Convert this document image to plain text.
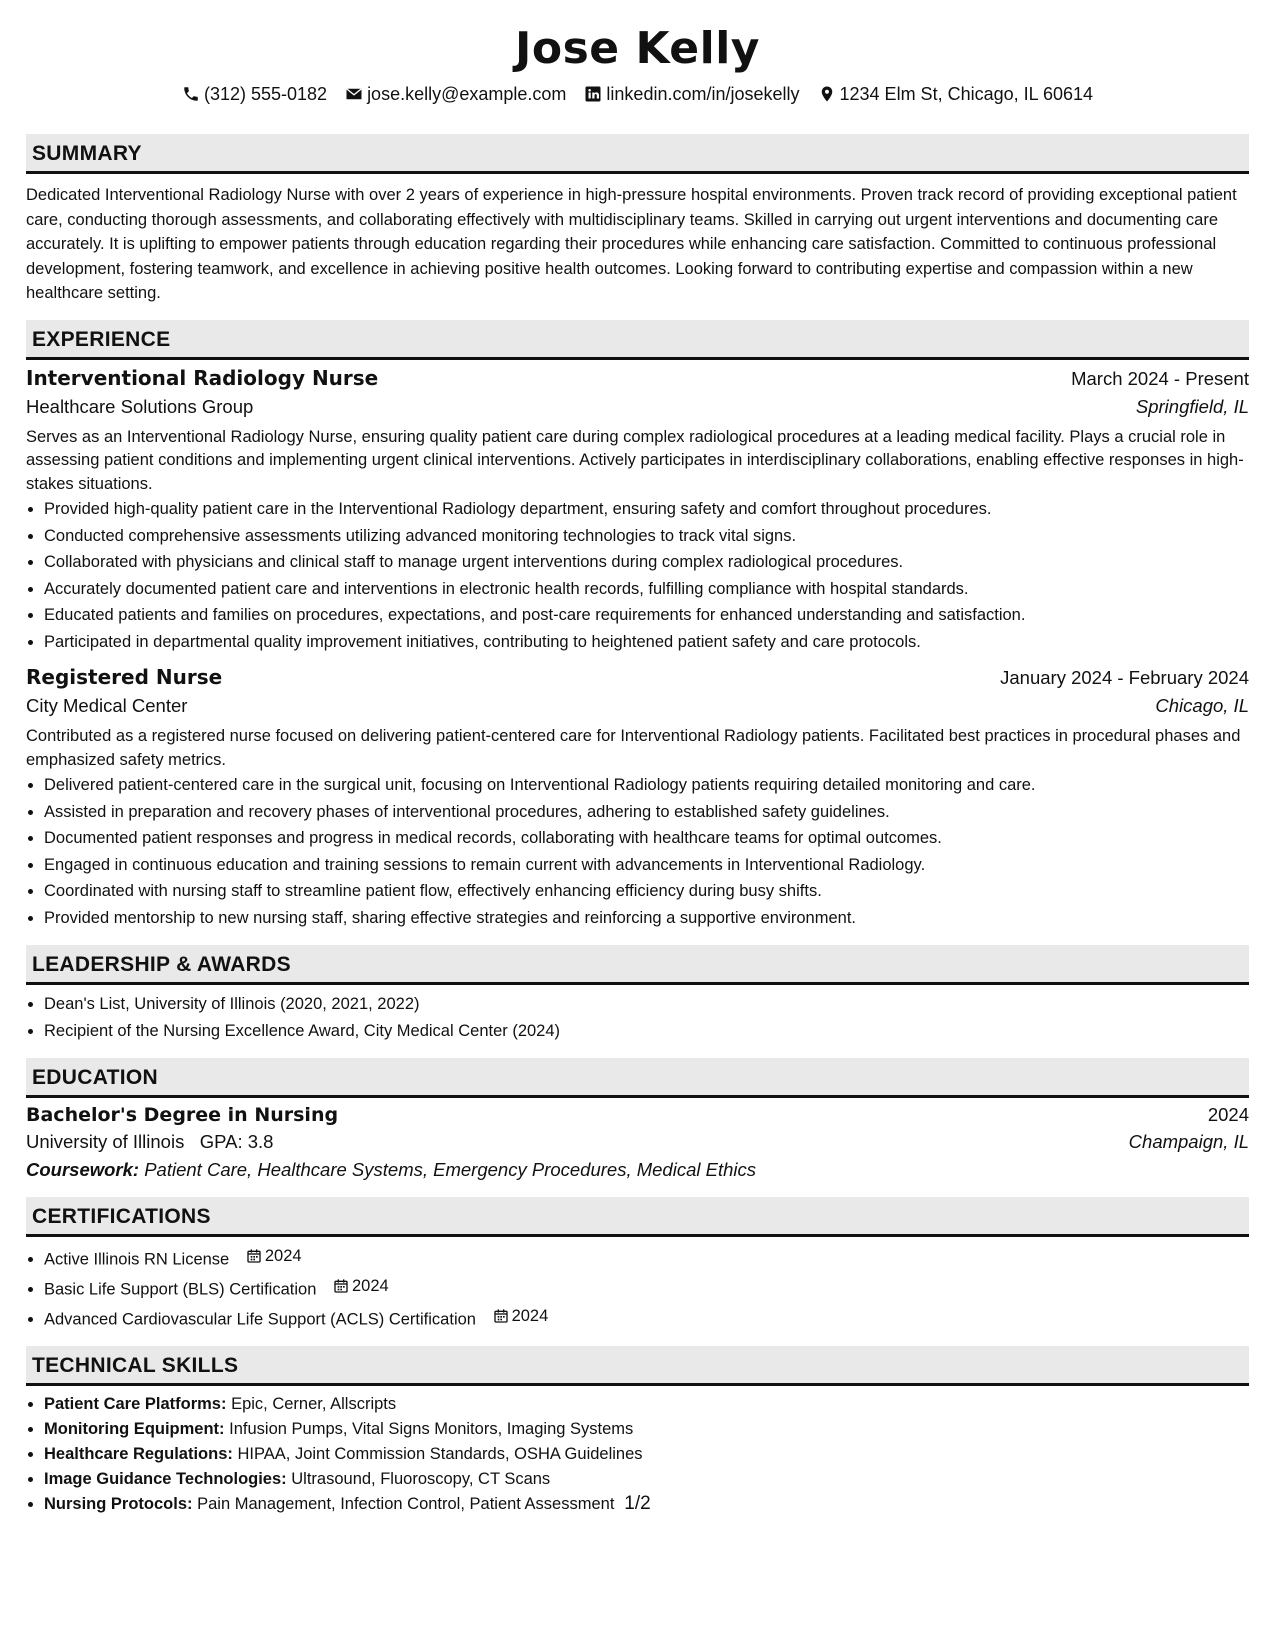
Jose Kelly
(312) 555-0182 jose.kelly@example.com linkedin.com/in/josekelly 1234 Elm St, Chicago, IL 60614
SUMMARY

Dedicated Interventional Radiology Nurse with over 2 years of experience in high-pressure hospital environments. Proven track record of providing exceptional patient care, conducting thorough assessments, and collaborating effectively with multidisciplinary teams. Skilled in carrying out urgent interventions and documenting care accurately. It is uplifting to empower patients through education regarding their procedures while enhancing care satisfaction. Committed to continuous professional development, fostering teamwork, and excellence in achieving positive health outcomes. Looking forward to contributing expertise and compassion within a new healthcare setting.

EXPERIENCE
Interventional Radiology Nurse	March 2024 - Present
Healthcare Solutions Group	Springfield, IL

Serves as an Interventional Radiology Nurse, ensuring quality patient care during complex radiological procedures at a leading medical facility. Plays a crucial role in assessing patient conditions and implementing urgent clinical interventions. Actively participates in interdisciplinary collaborations, enabling effective responses in high-stakes situations.

• Provided high-quality patient care in the Interventional Radiology department, ensuring safety and comfort throughout procedures.
• Conducted comprehensive assessments utilizing advanced monitoring technologies to track vital signs.
• Collaborated with physicians and clinical staff to manage urgent interventions during complex radiological procedures.
• Accurately documented patient care and interventions in electronic health records, fulfilling compliance with hospital standards.
• Educated patients and families on procedures, expectations, and post-care requirements for enhanced understanding and satisfaction.
• Participated in departmental quality improvement initiatives, contributing to heightened patient safety and care protocols.
Registered Nurse	January 2024 - February 2024
City Medical Center	Chicago, IL

Contributed as a registered nurse focused on delivering patient-centered care for Interventional Radiology patients. Facilitated best practices in procedural phases and emphasized safety metrics.

• Delivered patient-centered care in the surgical unit, focusing on Interventional Radiology patients requiring detailed monitoring and care.
• Assisted in preparation and recovery phases of interventional procedures, adhering to established safety guidelines.
• Documented patient responses and progress in medical records, collaborating with healthcare teams for optimal outcomes.
• Engaged in continuous education and training sessions to remain current with advancements in Interventional Radiology.
• Coordinated with nursing staff to streamline patient flow, effectively enhancing efficiency during busy shifts.
• Provided mentorship to new nursing staff, sharing effective strategies and reinforcing a supportive environment.
LEADERSHIP & AWARDS
• Dean's List, University of Illinois (2020, 2021, 2022)
• Recipient of the Nursing Excellence Award, City Medical Center (2024)
EDUCATION
Bachelor's Degree in Nursing	2024
University of Illinois GPA: 3.8	Champaign, IL
Coursework: Patient Care, Healthcare Systems, Emergency Procedures, Medical Ethics
CERTIFICATIONS
• Active Illinois RN License 2024
• Basic Life Support (BLS) Certification 2024
• Advanced Cardiovascular Life Support (ACLS) Certification 2024
TECHNICAL SKILLS
• Patient Care Platforms: Epic, Cerner, Allscripts
• Monitoring Equipment: Infusion Pumps, Vital Signs Monitors, Imaging Systems
• Healthcare Regulations: HIPAA, Joint Commission Standards, OSHA Guidelines
• Image Guidance Technologies: Ultrasound, Fluoroscopy, CT Scans
• Nursing Protocols: Pain Management, Infection Control, Patient Assessment 1/2
